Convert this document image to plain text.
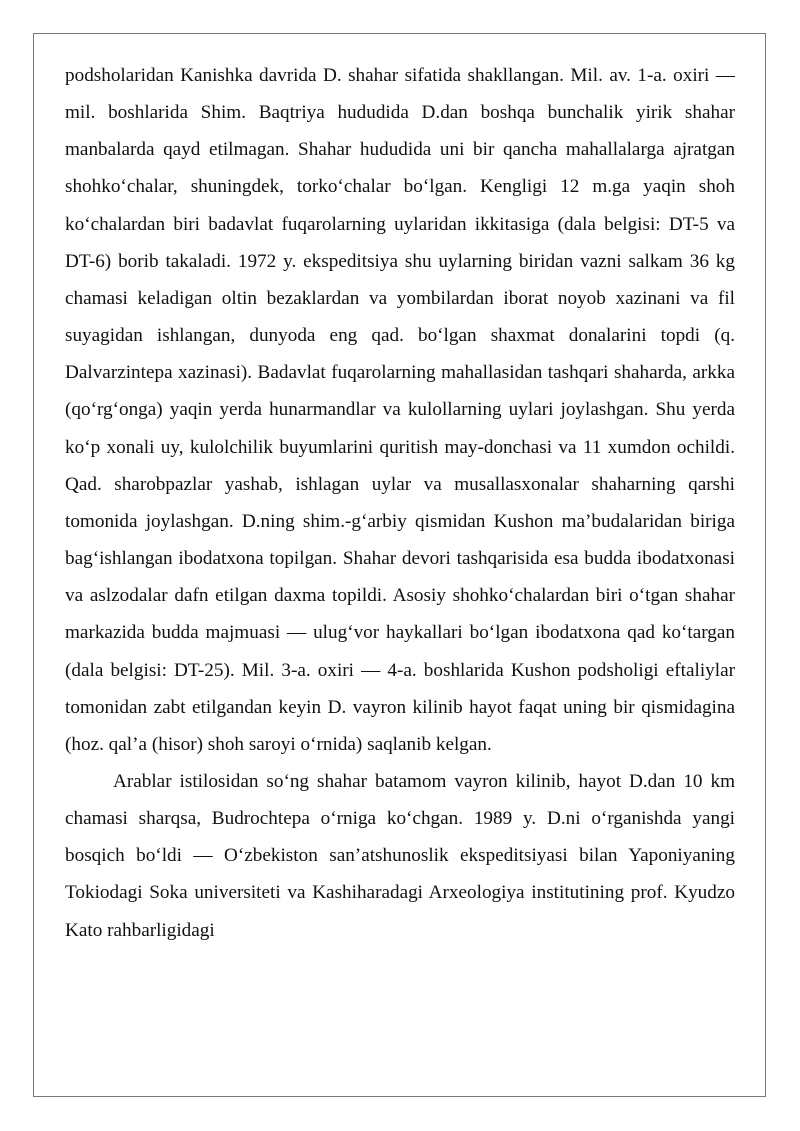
podsholaridan Kanishka davrida D. shahar sifatida shakllangan. Mil. av. 1-a. oxiri — mil. boshlarida Shim. Baqtriya hududida D.dan boshqa bunchalik yirik shahar manbalarda qayd etilmagan. Shahar hududida uni bir qancha mahallalarga ajratgan shohko‘chalar, shuningdek, torko‘chalar bo‘lgan. Kengligi 12 m.ga yaqin shoh ko‘chalardan biri badavlat fuqarolarning uylaridan ikkitasiga (dala belgisi: DT-5 va DT-6) borib takaladi. 1972 y. ekspeditsiya shu uylarning biridan vazni salkam 36 kg chamasi keladigan oltin bezaklardan va yombilardan iborat noyob xazinani va fil suyagidan ishlangan, dunyoda eng qad. bo‘lgan shaxmat donalarini topdi (q. Dalvarzintepa xazinasi). Badavlat fuqarolarning mahallasidan tashqari shaharda, arkka (qo‘rg‘onga) yaqin yerda hunarmandlar va kulollarning uylari joylashgan. Shu yerda ko‘p xonali uy, kulolchilik buyumlarini quritish may-donchasi va 11 xumdon ochildi. Qad. sharobpazlar yashab, ishlagan uylar va musallasxonalar shaharning qarshi tomonida joylashgan. D.ning shim.-g‘arbiy qismidan Kushon ma’budalaridan biriga bag‘ishlangan ibodatxona topilgan. Shahar devori tashqarisida esa budda ibodatxonasi va aslzodalar dafn etilgan daxma topildi. Asosiy shohko‘chalardan biri o‘tgan shahar markazida budda majmuasi — ulug‘vor haykallari bo‘lgan ibodatxona qad ko‘targan (dala belgisi: DT-25). Mil. 3-a. oxiri — 4-a. boshlarida Kushon podsholigi eftaliylar tomonidan zabt etilgandan keyin D. vayron kilinib hayot faqat uning bir qismidagina (hoz. qal’a (hisor) shoh saroyi o‘rnida) saqlanib kelgan.

Arablar istilosidan so‘ng shahar batamom vayron kilinib, hayot D.dan 10 km chamasi sharqsa, Budrochtepa o‘rniga ko‘chgan. 1989 y. D.ni o‘rganishda yangi bosqich bo‘ldi — O‘zbekiston san’atshunoslik ekspeditsiyasi bilan Yaponiyaning Tokiodagi Soka universiteti va Kashiharadagi Arxeologiya institutining prof. Kyudzo Kato rahbarligidagi
